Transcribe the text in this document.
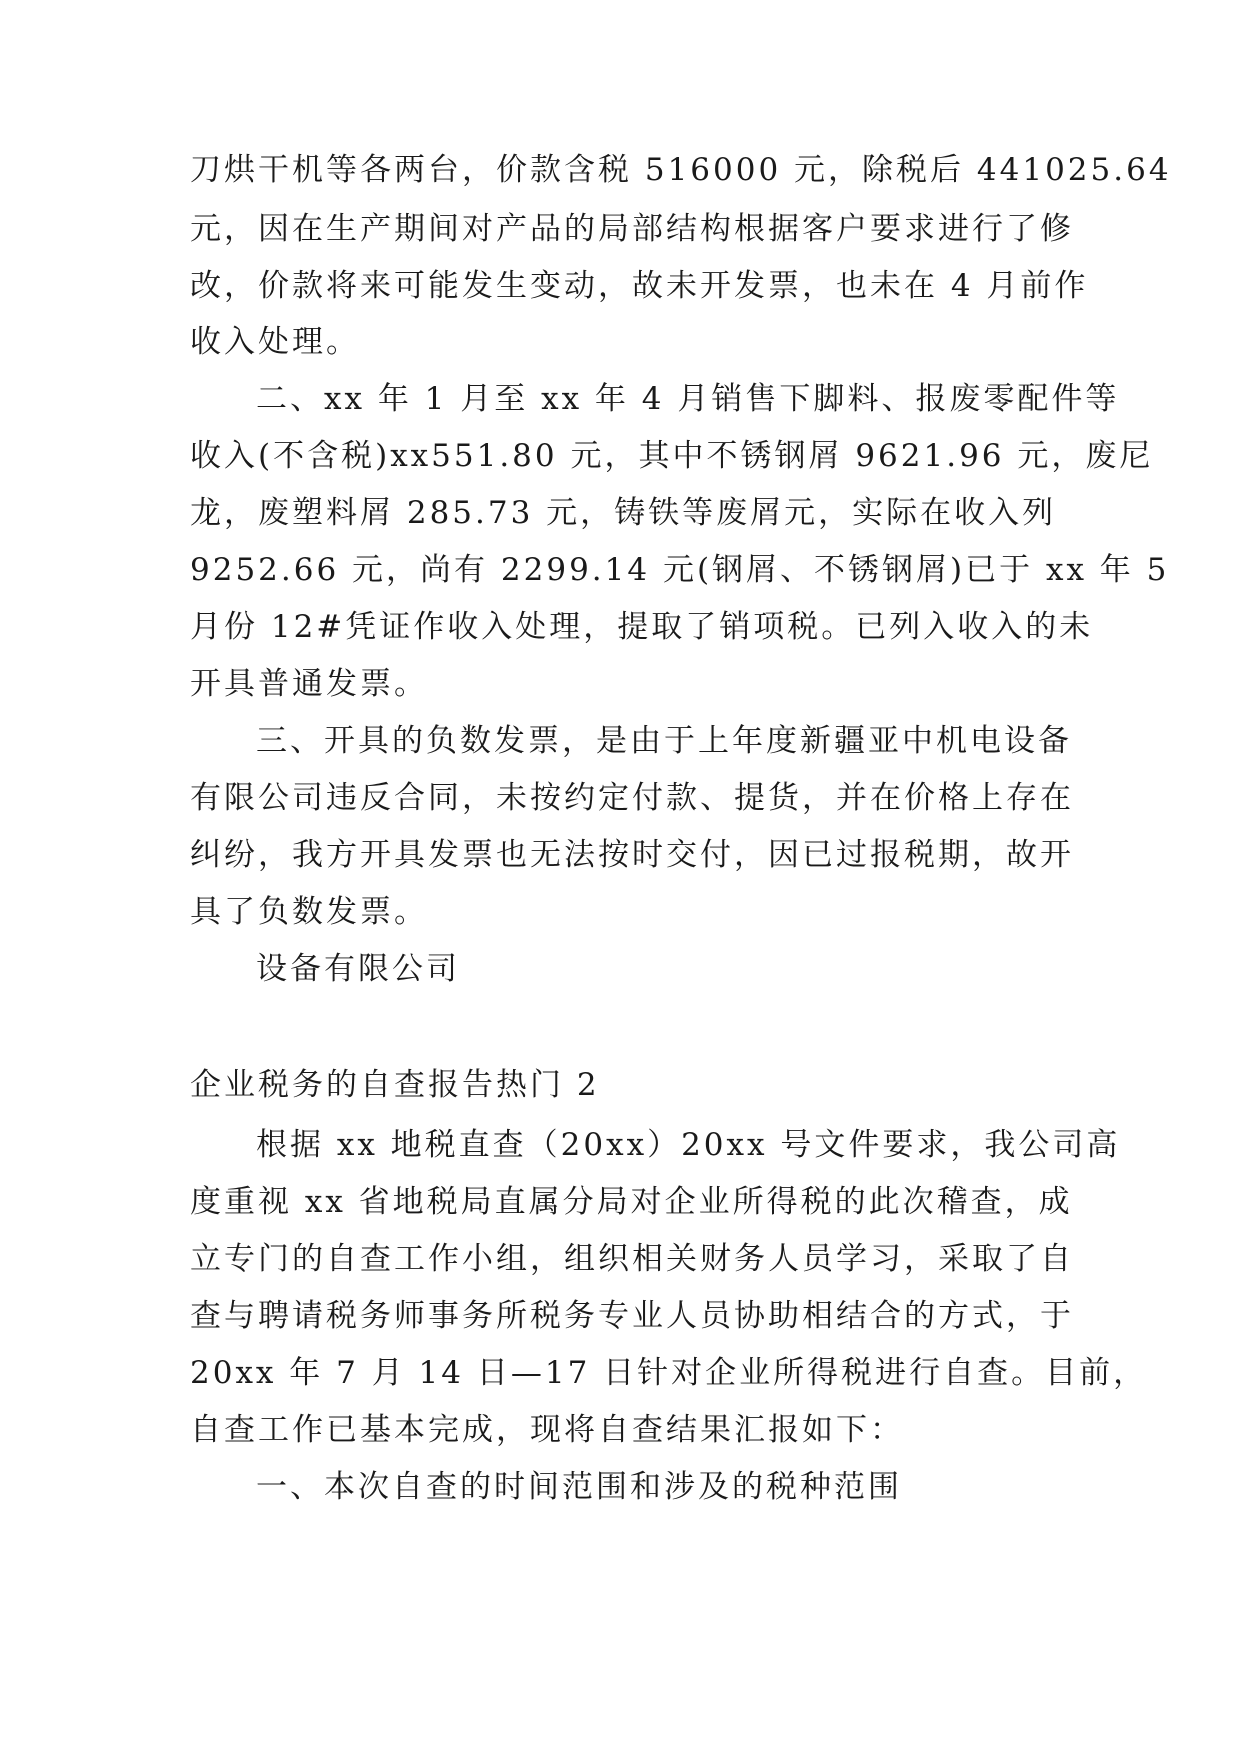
刀烘干机等各两台，价款含税 516000 元，除税后 441025.64
元，因在生产期间对产品的局部结构根据客户要求进行了修
改，价款将来可能发生变动，故未开发票，也未在 4 月前作
收入处理。
二、xx 年 1 月至 xx 年 4 月销售下脚料、报废零配件等
收入(不含税)xx551.80 元，其中不锈钢屑 9621.96 元，废尼
龙，废塑料屑 285.73 元，铸铁等废屑元，实际在收入列
9252.66 元，尚有 2299.14 元(钢屑、不锈钢屑)已于 xx 年 5
月份 12#凭证作收入处理，提取了销项税。已列入收入的未
开具普通发票。
三、开具的负数发票，是由于上年度新疆亚中机电设备
有限公司违反合同，未按约定付款、提货，并在价格上存在
纠纷，我方开具发票也无法按时交付，因已过报税期，故开
具了负数发票。
设备有限公司
企业税务的自查报告热门 2
根据 xx 地税直查（20xx）20xx 号文件要求，我公司高
度重视 xx 省地税局直属分局对企业所得税的此次稽查，成
立专门的自查工作小组，组织相关财务人员学习，采取了自
查与聘请税务师事务所税务专业人员协助相结合的方式，于
20xx 年 7 月 14 日—17 日针对企业所得税进行自查。目前，
自查工作已基本完成，现将自查结果汇报如下：
一、本次自查的时间范围和涉及的税种范围
